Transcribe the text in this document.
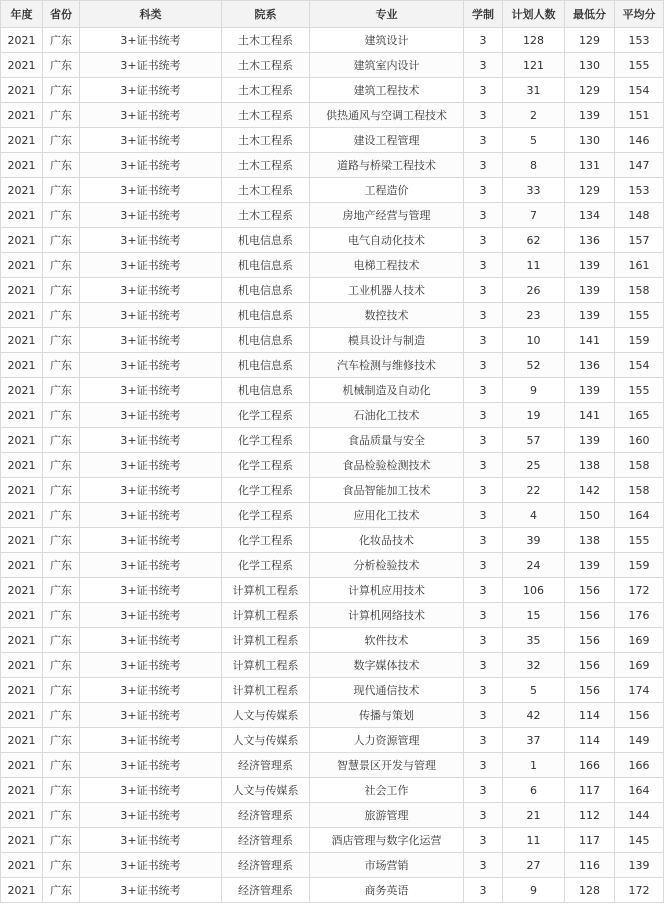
年度	省份	科类	院系	专业	学制	计划人数	最低分	平均分
2021	广东	3+证书统考	土木工程系	建筑设计	3	128	129	153
2021	广东	3+证书统考	土木工程系	建筑室内设计	3	121	130	155
2021	广东	3+证书统考	土木工程系	建筑工程技术	3	31	129	154
2021	广东	3+证书统考	土木工程系	供热通风与空调工程技术	3	2	139	151
2021	广东	3+证书统考	土木工程系	建设工程管理	3	5	130	146
2021	广东	3+证书统考	土木工程系	道路与桥梁工程技术	3	8	131	147
2021	广东	3+证书统考	土木工程系	工程造价	3	33	129	153
2021	广东	3+证书统考	土木工程系	房地产经营与管理	3	7	134	148
2021	广东	3+证书统考	机电信息系	电气自动化技术	3	62	136	157
2021	广东	3+证书统考	机电信息系	电梯工程技术	3	11	139	161
2021	广东	3+证书统考	机电信息系	工业机器人技术	3	26	139	158
2021	广东	3+证书统考	机电信息系	数控技术	3	23	139	155
2021	广东	3+证书统考	机电信息系	模具设计与制造	3	10	141	159
2021	广东	3+证书统考	机电信息系	汽车检测与维修技术	3	52	136	154
2021	广东	3+证书统考	机电信息系	机械制造及自动化	3	9	139	155
2021	广东	3+证书统考	化学工程系	石油化工技术	3	19	141	165
2021	广东	3+证书统考	化学工程系	食品质量与安全	3	57	139	160
2021	广东	3+证书统考	化学工程系	食品检验检测技术	3	25	138	158
2021	广东	3+证书统考	化学工程系	食品智能加工技术	3	22	142	158
2021	广东	3+证书统考	化学工程系	应用化工技术	3	4	150	164
2021	广东	3+证书统考	化学工程系	化妆品技术	3	39	138	155
2021	广东	3+证书统考	化学工程系	分析检验技术	3	24	139	159
2021	广东	3+证书统考	计算机工程系	计算机应用技术	3	106	156	172
2021	广东	3+证书统考	计算机工程系	计算机网络技术	3	15	156	176
2021	广东	3+证书统考	计算机工程系	软件技术	3	35	156	169
2021	广东	3+证书统考	计算机工程系	数字媒体技术	3	32	156	169
2021	广东	3+证书统考	计算机工程系	现代通信技术	3	5	156	174
2021	广东	3+证书统考	人文与传媒系	传播与策划	3	42	114	156
2021	广东	3+证书统考	人文与传媒系	人力资源管理	3	37	114	149
2021	广东	3+证书统考	经济管理系	智慧景区开发与管理	3	1	166	166
2021	广东	3+证书统考	人文与传媒系	社会工作	3	6	117	164
2021	广东	3+证书统考	经济管理系	旅游管理	3	21	112	144
2021	广东	3+证书统考	经济管理系	酒店管理与数字化运营	3	11	117	145
2021	广东	3+证书统考	经济管理系	市场营销	3	27	116	139
2021	广东	3+证书统考	经济管理系	商务英语	3	9	128	172
